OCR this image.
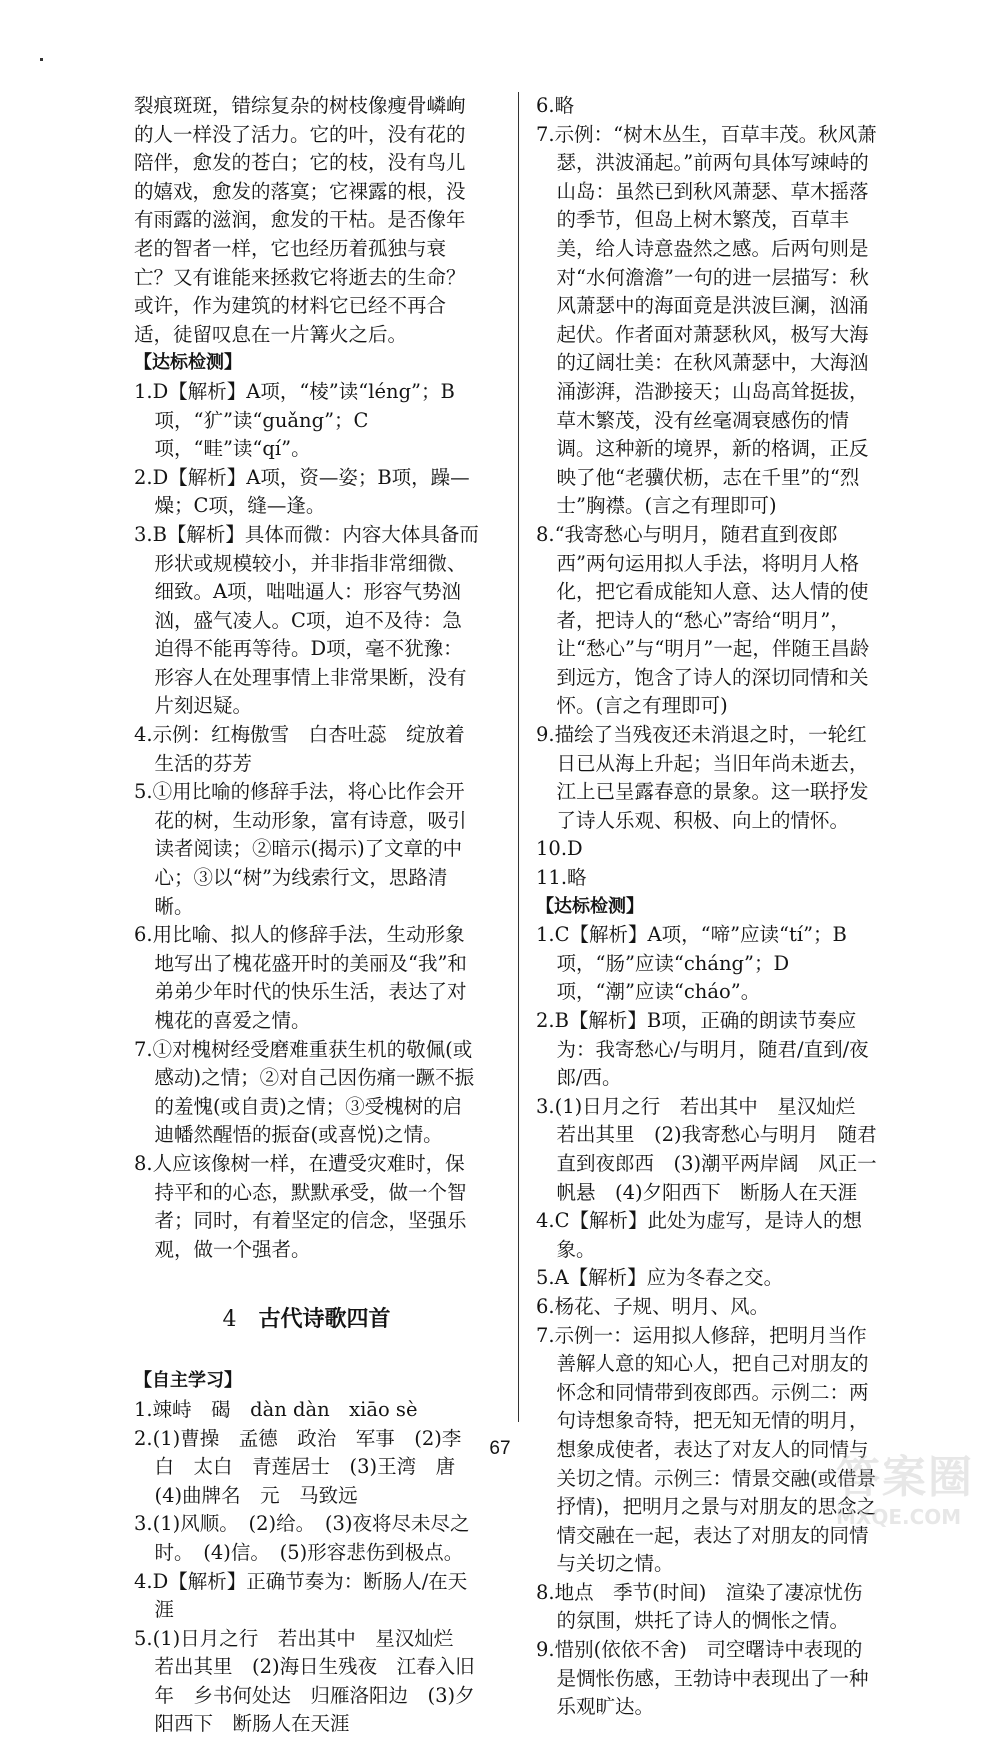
裂痕斑斑，错综复杂的树枝像瘦骨嶙峋的人一样没了活力。它的叶，没有花的陪伴，愈发的苍白；它的枝，没有鸟儿的嬉戏，愈发的落寞；它裸露的根，没有雨露的滋润，愈发的干枯。是否像年老的智者一样，它也经历着孤独与衰亡？又有谁能来拯救它将逝去的生命？或许，作为建筑的材料它已经不再合适，徒留叹息在一片篝火之后。

【达标检测】

1.D【解析】A项，“棱”读“léng”；B项，“犷”读“guǎng”；C项，“畦”读“qí”。

2.D【解析】A项，资—姿；B项，躁—燥；C项，缝—逢。

3.B【解析】具体而微：内容大体具备而形状或规模较小，并非指非常细微、细致。A项，咄咄逼人：形容气势汹汹，盛气凌人。C项，迫不及待：急迫得不能再等待。D项，毫不犹豫：形容人在处理事情上非常果断，没有片刻迟疑。

4.示例：红梅傲雪　白杏吐蕊　绽放着生活的芬芳

5.①用比喻的修辞手法，将心比作会开花的树，生动形象，富有诗意，吸引读者阅读；②暗示(揭示)了文章的中心；③以“树”为线索行文，思路清晰。

6.用比喻、拟人的修辞手法，生动形象地写出了槐花盛开时的美丽及“我”和弟弟少年时代的快乐生活，表达了对槐花的喜爱之情。

7.①对槐树经受磨难重获生机的敬佩(或感动)之情；②对自己因伤痛一蹶不振的羞愧(或自责)之情；③受槐树的启迪幡然醒悟的振奋(或喜悦)之情。

8.人应该像树一样，在遭受灾难时，保持平和的心态，默默承受，做一个智者；同时，有着坚定的信念，坚强乐观，做一个强者。

4 古代诗歌四首

【自主学习】

1.竦峙　碣　dàn dàn　xiāo sè

2.(1)曹操　孟德　政治　军事　(2)李白　太白　青莲居士　(3)王湾　唐　(4)曲牌名　元　马致远

3.(1)风顺。　(2)给。　(3)夜将尽未尽之时。　(4)信。　(5)形容悲伤到极点。

4.D【解析】正确节奏为：断肠人/在天涯

5.(1)日月之行　若出其中　星汉灿烂　若出其里　(2)海日生残夜　江春入旧年　乡书何处达　归雁洛阳边　(3)夕阳西下　断肠人在天涯

6.略

7.示例：“树木丛生，百草丰茂。秋风萧瑟，洪波涌起。”前两句具体写竦峙的山岛：虽然已到秋风萧瑟、草木摇落的季节，但岛上树木繁茂，百草丰美，给人诗意盎然之感。后两句则是对“水何澹澹”一句的进一层描写：秋风萧瑟中的海面竟是洪波巨澜，汹涌起伏。作者面对萧瑟秋风，极写大海的辽阔壮美：在秋风萧瑟中，大海汹涌澎湃，浩渺接天；山岛高耸挺拔，草木繁茂，没有丝毫凋衰感伤的情调。这种新的境界，新的格调，正反映了他“老骥伏枥，志在千里”的“烈士”胸襟。(言之有理即可)

8.“我寄愁心与明月，随君直到夜郎西”两句运用拟人手法，将明月人格化，把它看成能知人意、达人情的使者，把诗人的“愁心”寄给“明月”，让“愁心”与“明月”一起，伴随王昌龄到远方，饱含了诗人的深切同情和关怀。(言之有理即可)

9.描绘了当残夜还未消退之时，一轮红日已从海上升起；当旧年尚未逝去，江上已呈露春意的景象。这一联抒发了诗人乐观、积极、向上的情怀。

10.D

11.略

【达标检测】

1.C【解析】A项，“啼”应读“tí”；B项，“肠”应读“cháng”；D项，“潮”应读“cháo”。

2.B【解析】B项，正确的朗读节奏应为：我寄愁心/与明月，随君/直到/夜郎/西。

3.(1)日月之行　若出其中　星汉灿烂　若出其里　(2)我寄愁心与明月　随君直到夜郎西　(3)潮平两岸阔　风正一帆悬　(4)夕阳西下　断肠人在天涯

4.C【解析】此处为虚写，是诗人的想象。

5.A【解析】应为冬春之交。

6.杨花、子规、明月、风。

7.示例一：运用拟人修辞，把明月当作善解人意的知心人，把自己对朋友的怀念和同情带到夜郎西。示例二：两句诗想象奇特，把无知无情的明月，想象成使者，表达了对友人的同情与关切之情。示例三：情景交融(或借景抒情)，把明月之景与对朋友的思念之情交融在一起，表达了对朋友的同情与关切之情。

8.地点　季节(时间)　渲染了凄凉忧伤的氛围，烘托了诗人的惆怅之情。

9.惜别(依依不舍)　司空曙诗中表现的是惆怅伤感，王勃诗中表现出了一种乐观旷达。

67
答案圈
MXQE.COM
